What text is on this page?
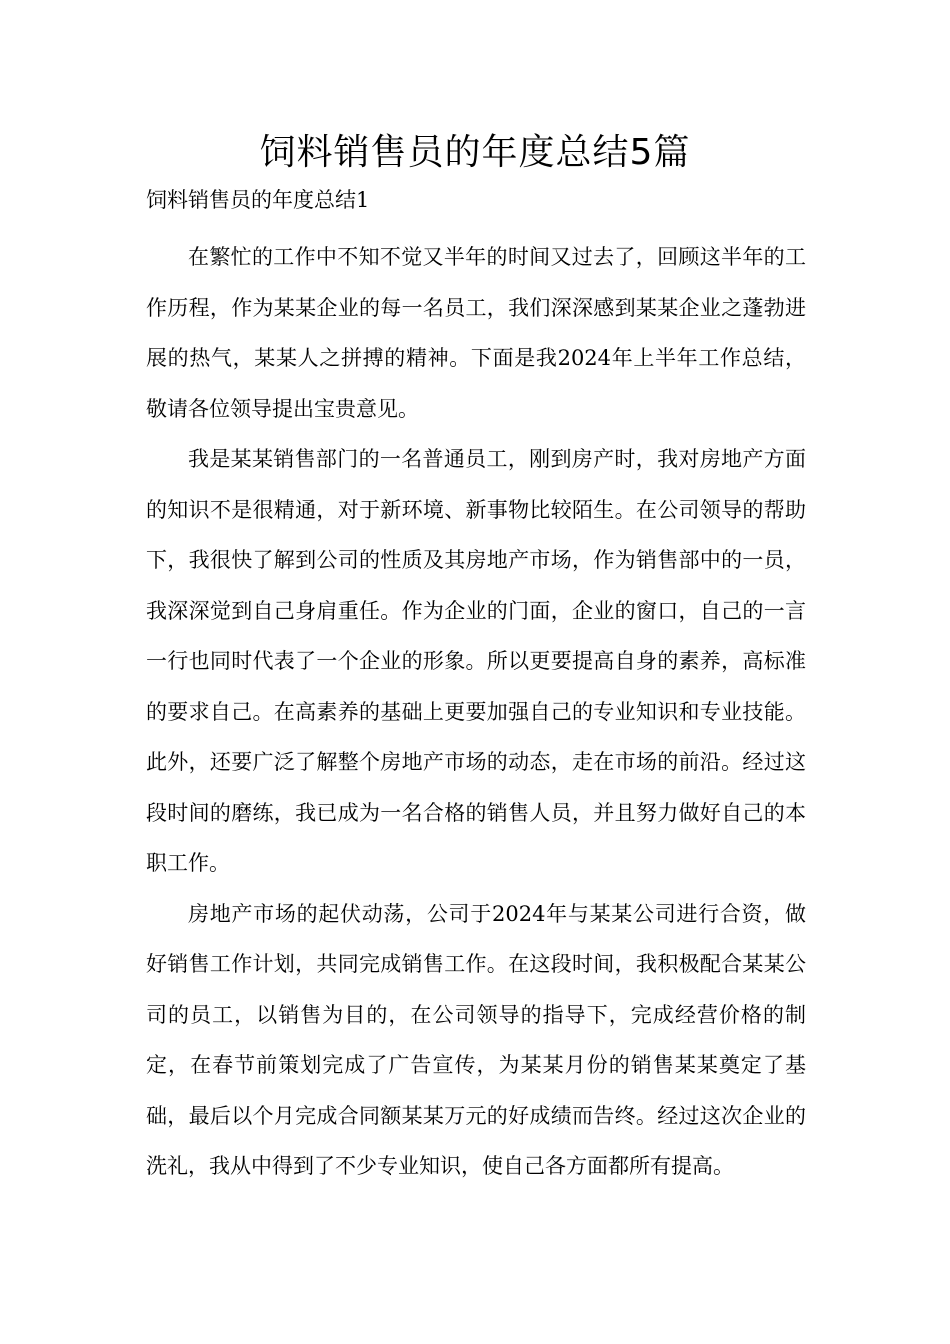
饲料销售员的年度总结5篇
饲料销售员的年度总结1

在繁忙的工作中不知不觉又半年的时间又过去了，回顾这半年的工作历程，作为某某企业的每一名员工，我们深深感到某某企业之蓬勃进展的热气，某某人之拼搏的精神。下面是我2024年上半年工作总结，敬请各位领导提出宝贵意见。

我是某某销售部门的一名普通员工，刚到房产时，我对房地产方面的知识不是很精通，对于新环境、新事物比较陌生。在公司领导的帮助下，我很快了解到公司的性质及其房地产市场，作为销售部中的一员，我深深觉到自己身肩重任。作为企业的门面，企业的窗口，自己的一言一行也同时代表了一个企业的形象。所以更要提高自身的素养，高标准的要求自己。在高素养的基础上更要加强自己的专业知识和专业技能。此外，还要广泛了解整个房地产市场的动态，走在市场的前沿。经过这段时间的磨练，我已成为一名合格的销售人员，并且努力做好自己的本职工作。

房地产市场的起伏动荡，公司于2024年与某某公司进行合资，做好销售工作计划，共同完成销售工作。在这段时间，我积极配合某某公司的员工，以销售为目的，在公司领导的指导下，完成经营价格的制定，在春节前策划完成了广告宣传，为某某月份的销售某某奠定了基础，最后以个月完成合同额某某万元的好成绩而告终。经过这次企业的洗礼，我从中得到了不少专业知识，使自己各方面都所有提高。
